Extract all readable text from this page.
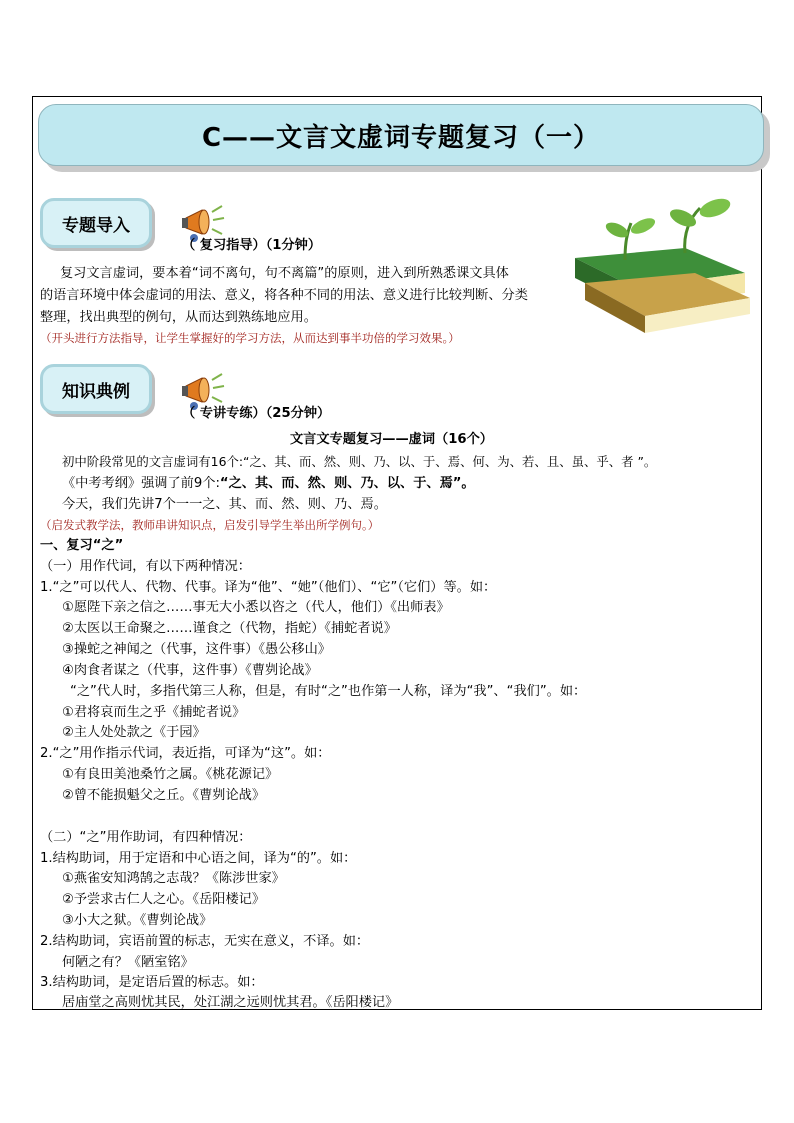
C——文言文虚词专题复习（一）
专题导入
（ 复习指导）（1分钟）
复习文言虚词，要本着“词不离句，句不离篇”的原则，进入到所熟悉课文具体
的语言环境中体会虚词的用法、意义，将各种不同的用法、意义进行比较判断、分类
整理，找出典型的例句，从而达到熟练地应用。
（开头进行方法指导，让学生掌握好的学习方法，从而达到事半功倍的学习效果。）
知识典例
（ 专讲专练）（25分钟）
文言文专题复习——虚词（16个）
初中阶段常见的文言虚词有16个:“之、其、而、然、则、乃、以、于、焉、何、为、若、且、虽、乎、者 ”。
《中考考纲》强调了前9个:“之、其、而、然、则、乃、以、于、焉”。
今天，我们先讲7个一一之、其、而、然、则、乃、焉。
（启发式教学法，教师串讲知识点，启发引导学生举出所学例句。）
一、复习“之”
（一）用作代词，有以下两种情况：
1.“之”可以代人、代物、代事。译为“他”、“她”（他们）、“它”（它们）等。如：
①愿陛下亲之信之……事无大小悉以咨之（代人，他们）《出师表》
②太医以王命聚之……谨食之（代物，指蛇）《捕蛇者说》
③操蛇之神闻之（代事，这件事）《愚公移山》
④肉食者谋之（代事，这件事）《曹刿论战》
“之”代人时，多指代第三人称，但是，有时“之”也作第一人称，译为“我”、“我们”。如：
①君将哀而生之乎《捕蛇者说》
②主人处处款之《于园》
2.“之”用作指示代词，表近指，可译为“这”。如：
①有良田美池桑竹之属。《桃花源记》
②曾不能损魁父之丘。《曹刿论战》
（二）“之”用作助词，有四种情况：
1.结构助词，用于定语和中心语之间，译为“的”。如：
①燕雀安知鸿鹄之志哉？《陈涉世家》
②予尝求古仁人之心。《岳阳楼记》
③小大之狱。《曹刿论战》
2.结构助词，宾语前置的标志，无实在意义，不译。如：
何陋之有？《陋室铭》
3.结构助词，是定语后置的标志。如：
居庙堂之高则忧其民，处江湖之远则忧其君。《岳阳楼记》
